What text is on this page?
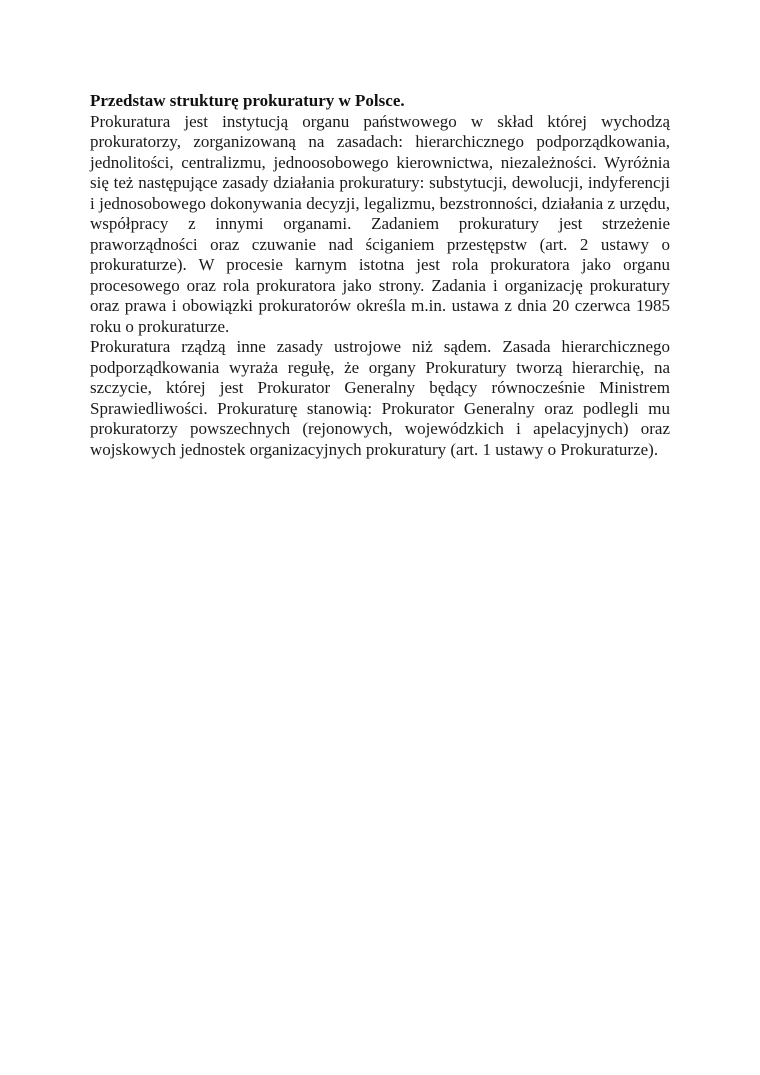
Przedstaw strukturę prokuratury w Polsce.

Prokuratura jest instytucją organu państwowego w skład której wychodzą prokuratorzy, zorganizowaną na zasadach: hierarchicznego podporządkowania, jednolitości, centralizmu, jednoosobowego kierownictwa, niezależności. Wyróżnia się też następujące zasady działania prokuratury: substytucji, dewolucji, indyferencji i jednosobowego dokonywania decyzji, legalizmu, bezstronności, działania z urzędu, współpracy z innymi organami. Zadaniem prokuratury jest strzeżenie praworządności oraz czuwanie nad ściganiem przestępstw (art. 2 ustawy o prokuraturze). W procesie karnym istotna jest rola prokuratora jako organu procesowego oraz rola prokuratora jako strony. Zadania i organizację prokuratury oraz prawa i obowiązki prokuratorów określa m.in. ustawa z dnia 20 czerwca 1985 roku o prokuraturze.

Prokuratura rządzą inne zasady ustrojowe niż sądem. Zasada hierarchicznego podporządkowania wyraża regułę, że organy Prokuratury tworzą hierarchię, na szczycie, której jest Prokurator Generalny będący równocześnie Ministrem Sprawiedliwości. Prokuraturę stanowią: Prokurator Generalny oraz podlegli mu prokuratorzy powszechnych (rejonowych, wojewódzkich i apelacyjnych) oraz wojskowych jednostek organizacyjnych prokuratury (art. 1 ustawy o Prokuraturze).
